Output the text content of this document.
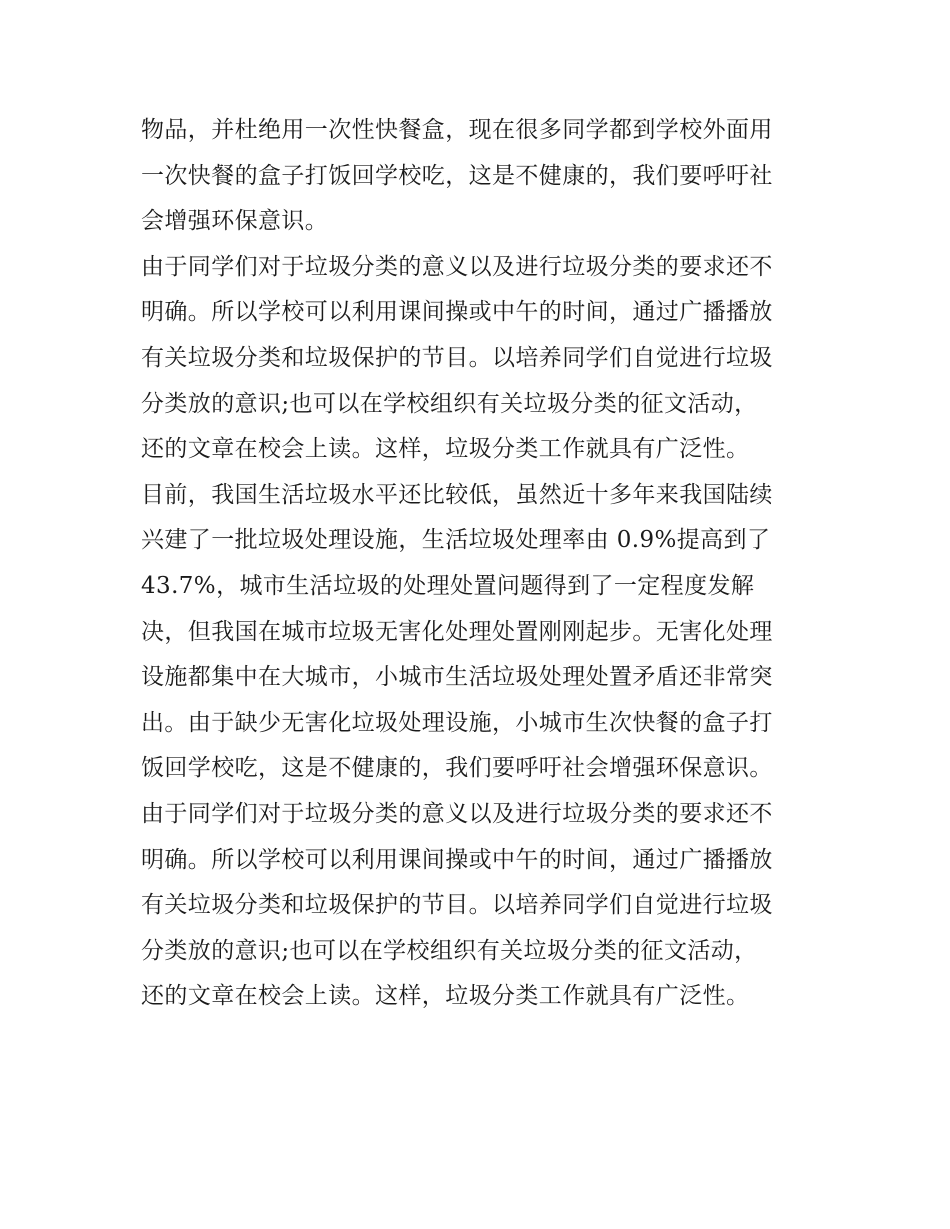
物品，并杜绝用一次性快餐盒，现在很多同学都到学校外面用
一次快餐的盒子打饭回学校吃，这是不健康的，我们要呼吁社
会增强环保意识。
由于同学们对于垃圾分类的意义以及进行垃圾分类的要求还不
明确。所以学校可以利用课间操或中午的时间，通过广播播放
有关垃圾分类和垃圾保护的节目。以培养同学们自觉进行垃圾
分类放的意识;也可以在学校组织有关垃圾分类的征文活动，
还的文章在校会上读。这样，垃圾分类工作就具有广泛性。
目前，我国生活垃圾水平还比较低，虽然近十多年来我国陆续
兴建了一批垃圾处理设施，生活垃圾处理率由 0.9%提高到了
43.7%，城市生活垃圾的处理处置问题得到了一定程度发解
决，但我国在城市垃圾无害化处理处置刚刚起步。无害化处理
设施都集中在大城市，小城市生活垃圾处理处置矛盾还非常突
出。由于缺少无害化垃圾处理设施，小城市生次快餐的盒子打
饭回学校吃，这是不健康的，我们要呼吁社会增强环保意识。
由于同学们对于垃圾分类的意义以及进行垃圾分类的要求还不
明确。所以学校可以利用课间操或中午的时间，通过广播播放
有关垃圾分类和垃圾保护的节目。以培养同学们自觉进行垃圾
分类放的意识;也可以在学校组织有关垃圾分类的征文活动，
还的文章在校会上读。这样，垃圾分类工作就具有广泛性。
